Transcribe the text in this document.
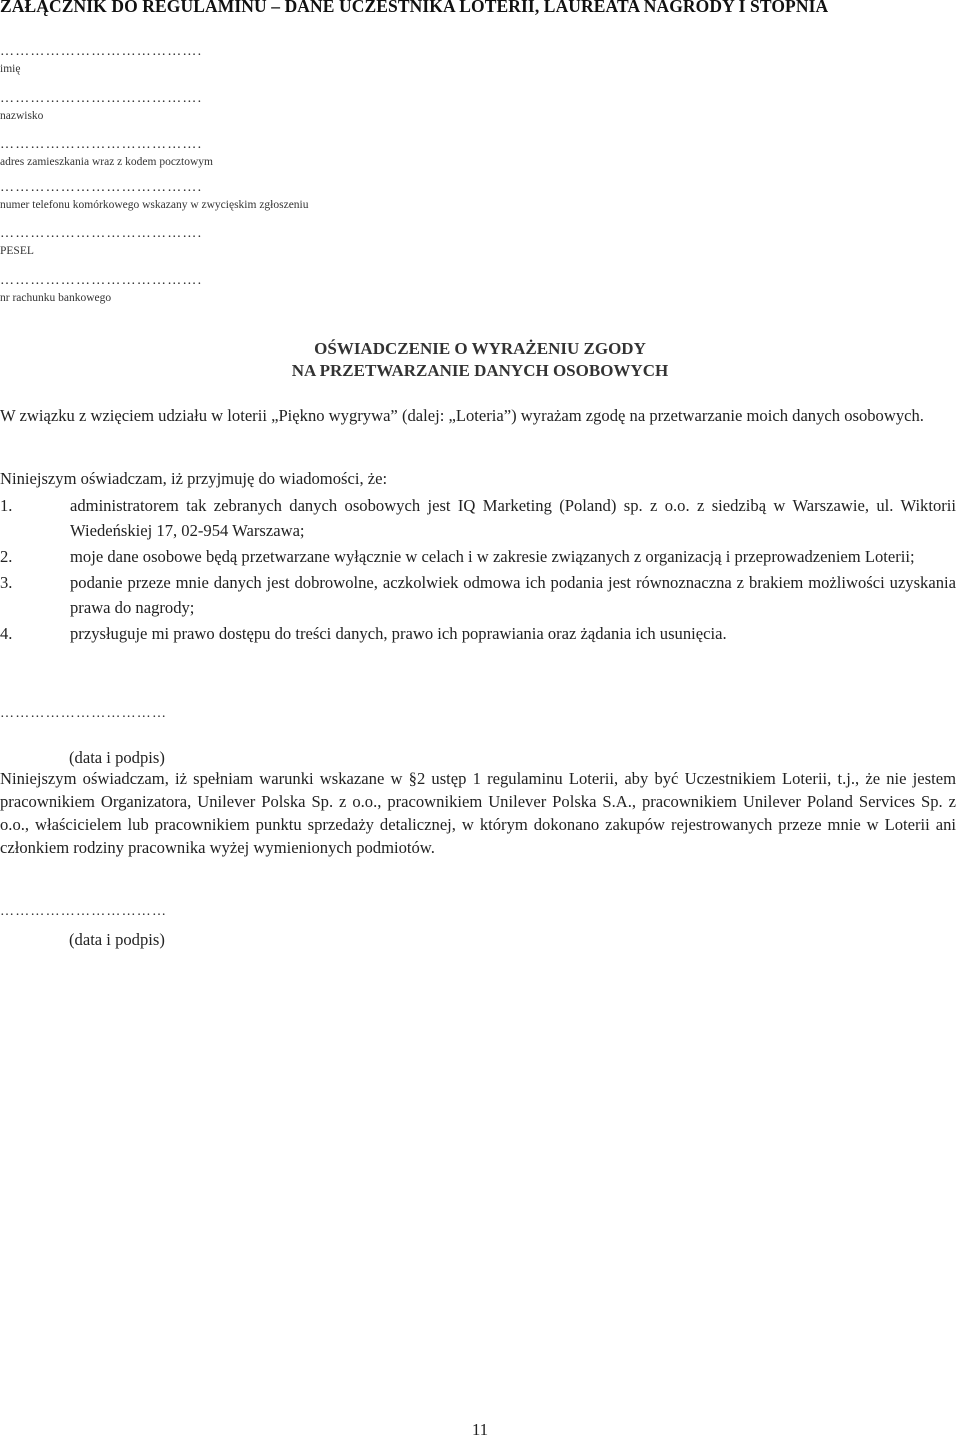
ZAŁĄCZNIK DO REGULAMINU – DANE UCZESTNIKA LOTERII, LAUREATA NAGRODY I STOPNIA
………………………………….
imię
………………………………….
nazwisko
………………………………….
adres zamieszkania wraz z kodem pocztowym
………………………………….
numer telefonu komórkowego wskazany w zwycięskim zgłoszeniu
………………………………….
PESEL
………………………………….
nr rachunku bankowego
OŚWIADCZENIE O WYRAŻENIU ZGODY
NA PRZETWARZANIE DANYCH OSOBOWYCH
W związku z wzięciem udziału w loterii „Piękno wygrywa” (dalej: „Loteria”) wyrażam zgodę na przetwarzanie moich danych osobowych.
Niniejszym oświadczam, iż przyjmuję do wiadomości, że:
1.	administratorem tak zebranych danych osobowych jest IQ Marketing (Poland) sp. z o.o. z siedzibą w Warszawie, ul. Wiktorii Wiedeńskiej 17, 02-954 Warszawa;
2.	moje dane osobowe będą przetwarzane wyłącznie w celach i w zakresie związanych z organizacją i przeprowadzeniem Loterii;
3.	podanie przeze mnie danych jest dobrowolne, aczkolwiek odmowa ich podania jest równoznaczna z brakiem możliwości uzyskania prawa do nagrody;
4.	przysługuje mi prawo dostępu do treści danych, prawo ich poprawiania oraz żądania ich usunięcia.
……………………………
(data i podpis)
Niniejszym oświadczam, iż spełniam warunki wskazane w §2 ustęp 1 regulaminu Loterii, aby być Uczestnikiem Loterii, t.j., że nie jestem pracownikiem Organizatora, Unilever Polska Sp. z o.o., pracownikiem Unilever Polska S.A., pracownikiem Unilever Poland Services Sp. z o.o., właścicielem lub pracownikiem punktu sprzedaży detalicznej, w którym dokonano zakupów rejestrowanych przeze mnie w Loterii ani członkiem rodziny pracownika wyżej wymienionych podmiotów.
……………………………
(data i podpis)
11
